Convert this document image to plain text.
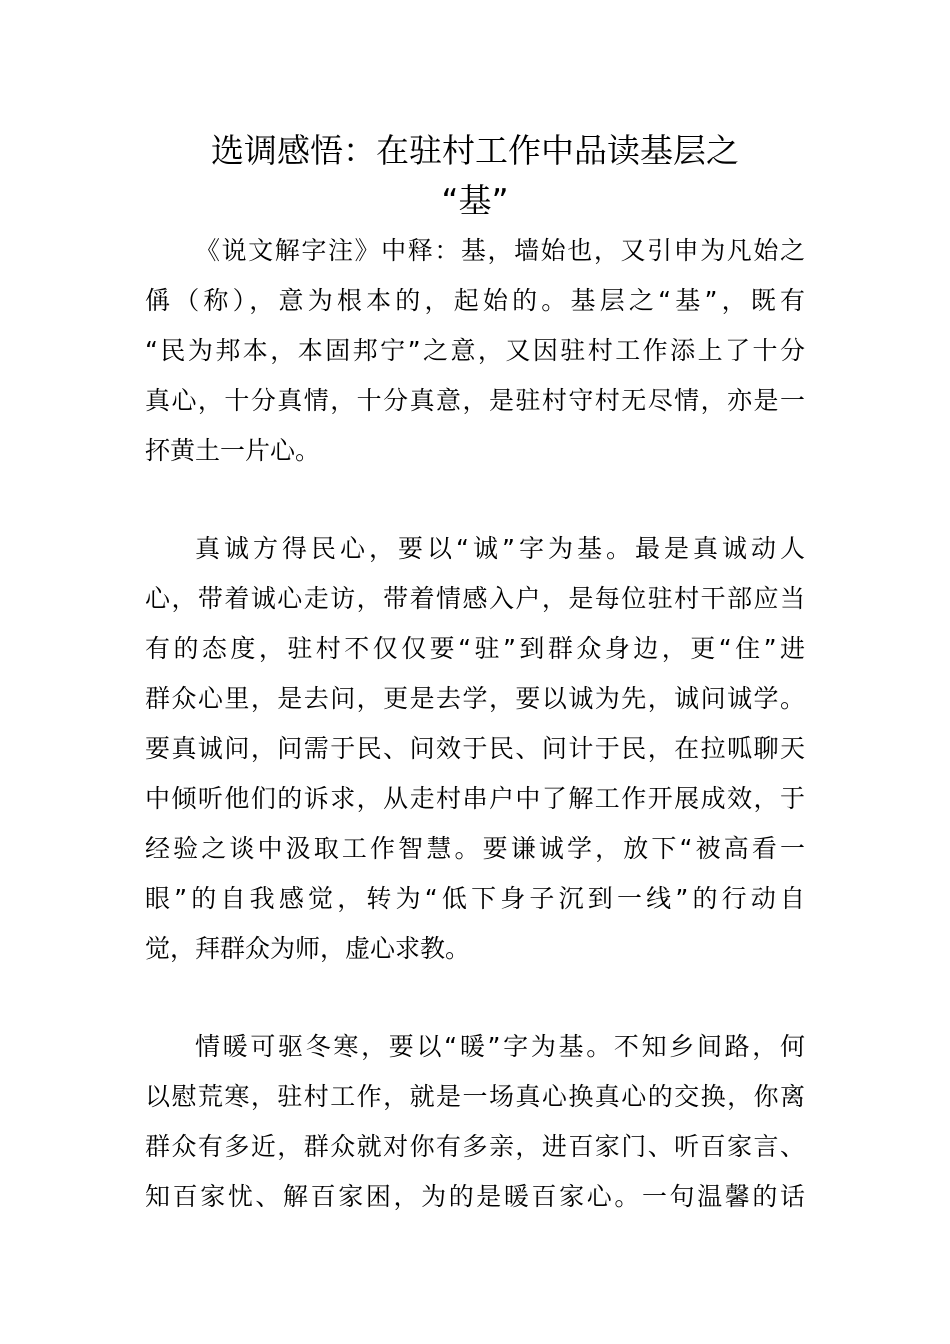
选调感悟：在驻村工作中品读基层之
“基”
《说文解字注》中释：基，墙始也，又引申为凡始之
偁（称），意为根本的，起始的。基层之“基”，既有
“民为邦本，本固邦宁”之意，又因驻村工作添上了十分
真心，十分真情，十分真意，是驻村守村无尽情，亦是一
抔黄土一片心。
真诚方得民心，要以“诚”字为基。最是真诚动人
心，带着诚心走访，带着情感入户，是每位驻村干部应当
有的态度，驻村不仅仅要“驻”到群众身边，更“住”进
群众心里，是去问，更是去学，要以诚为先，诚问诚学。
要真诚问，问需于民、问效于民、问计于民，在拉呱聊天
中倾听他们的诉求，从走村串户中了解工作开展成效，于
经验之谈中汲取工作智慧。要谦诚学，放下“被高看一
眼”的自我感觉，转为“低下身子沉到一线”的行动自
觉，拜群众为师，虚心求教。
情暖可驱冬寒，要以“暖”字为基。不知乡间路，何
以慰荒寒，驻村工作，就是一场真心换真心的交换，你离
群众有多近，群众就对你有多亲，进百家门、听百家言、
知百家忧、解百家困，为的是暖百家心。一句温馨的话
